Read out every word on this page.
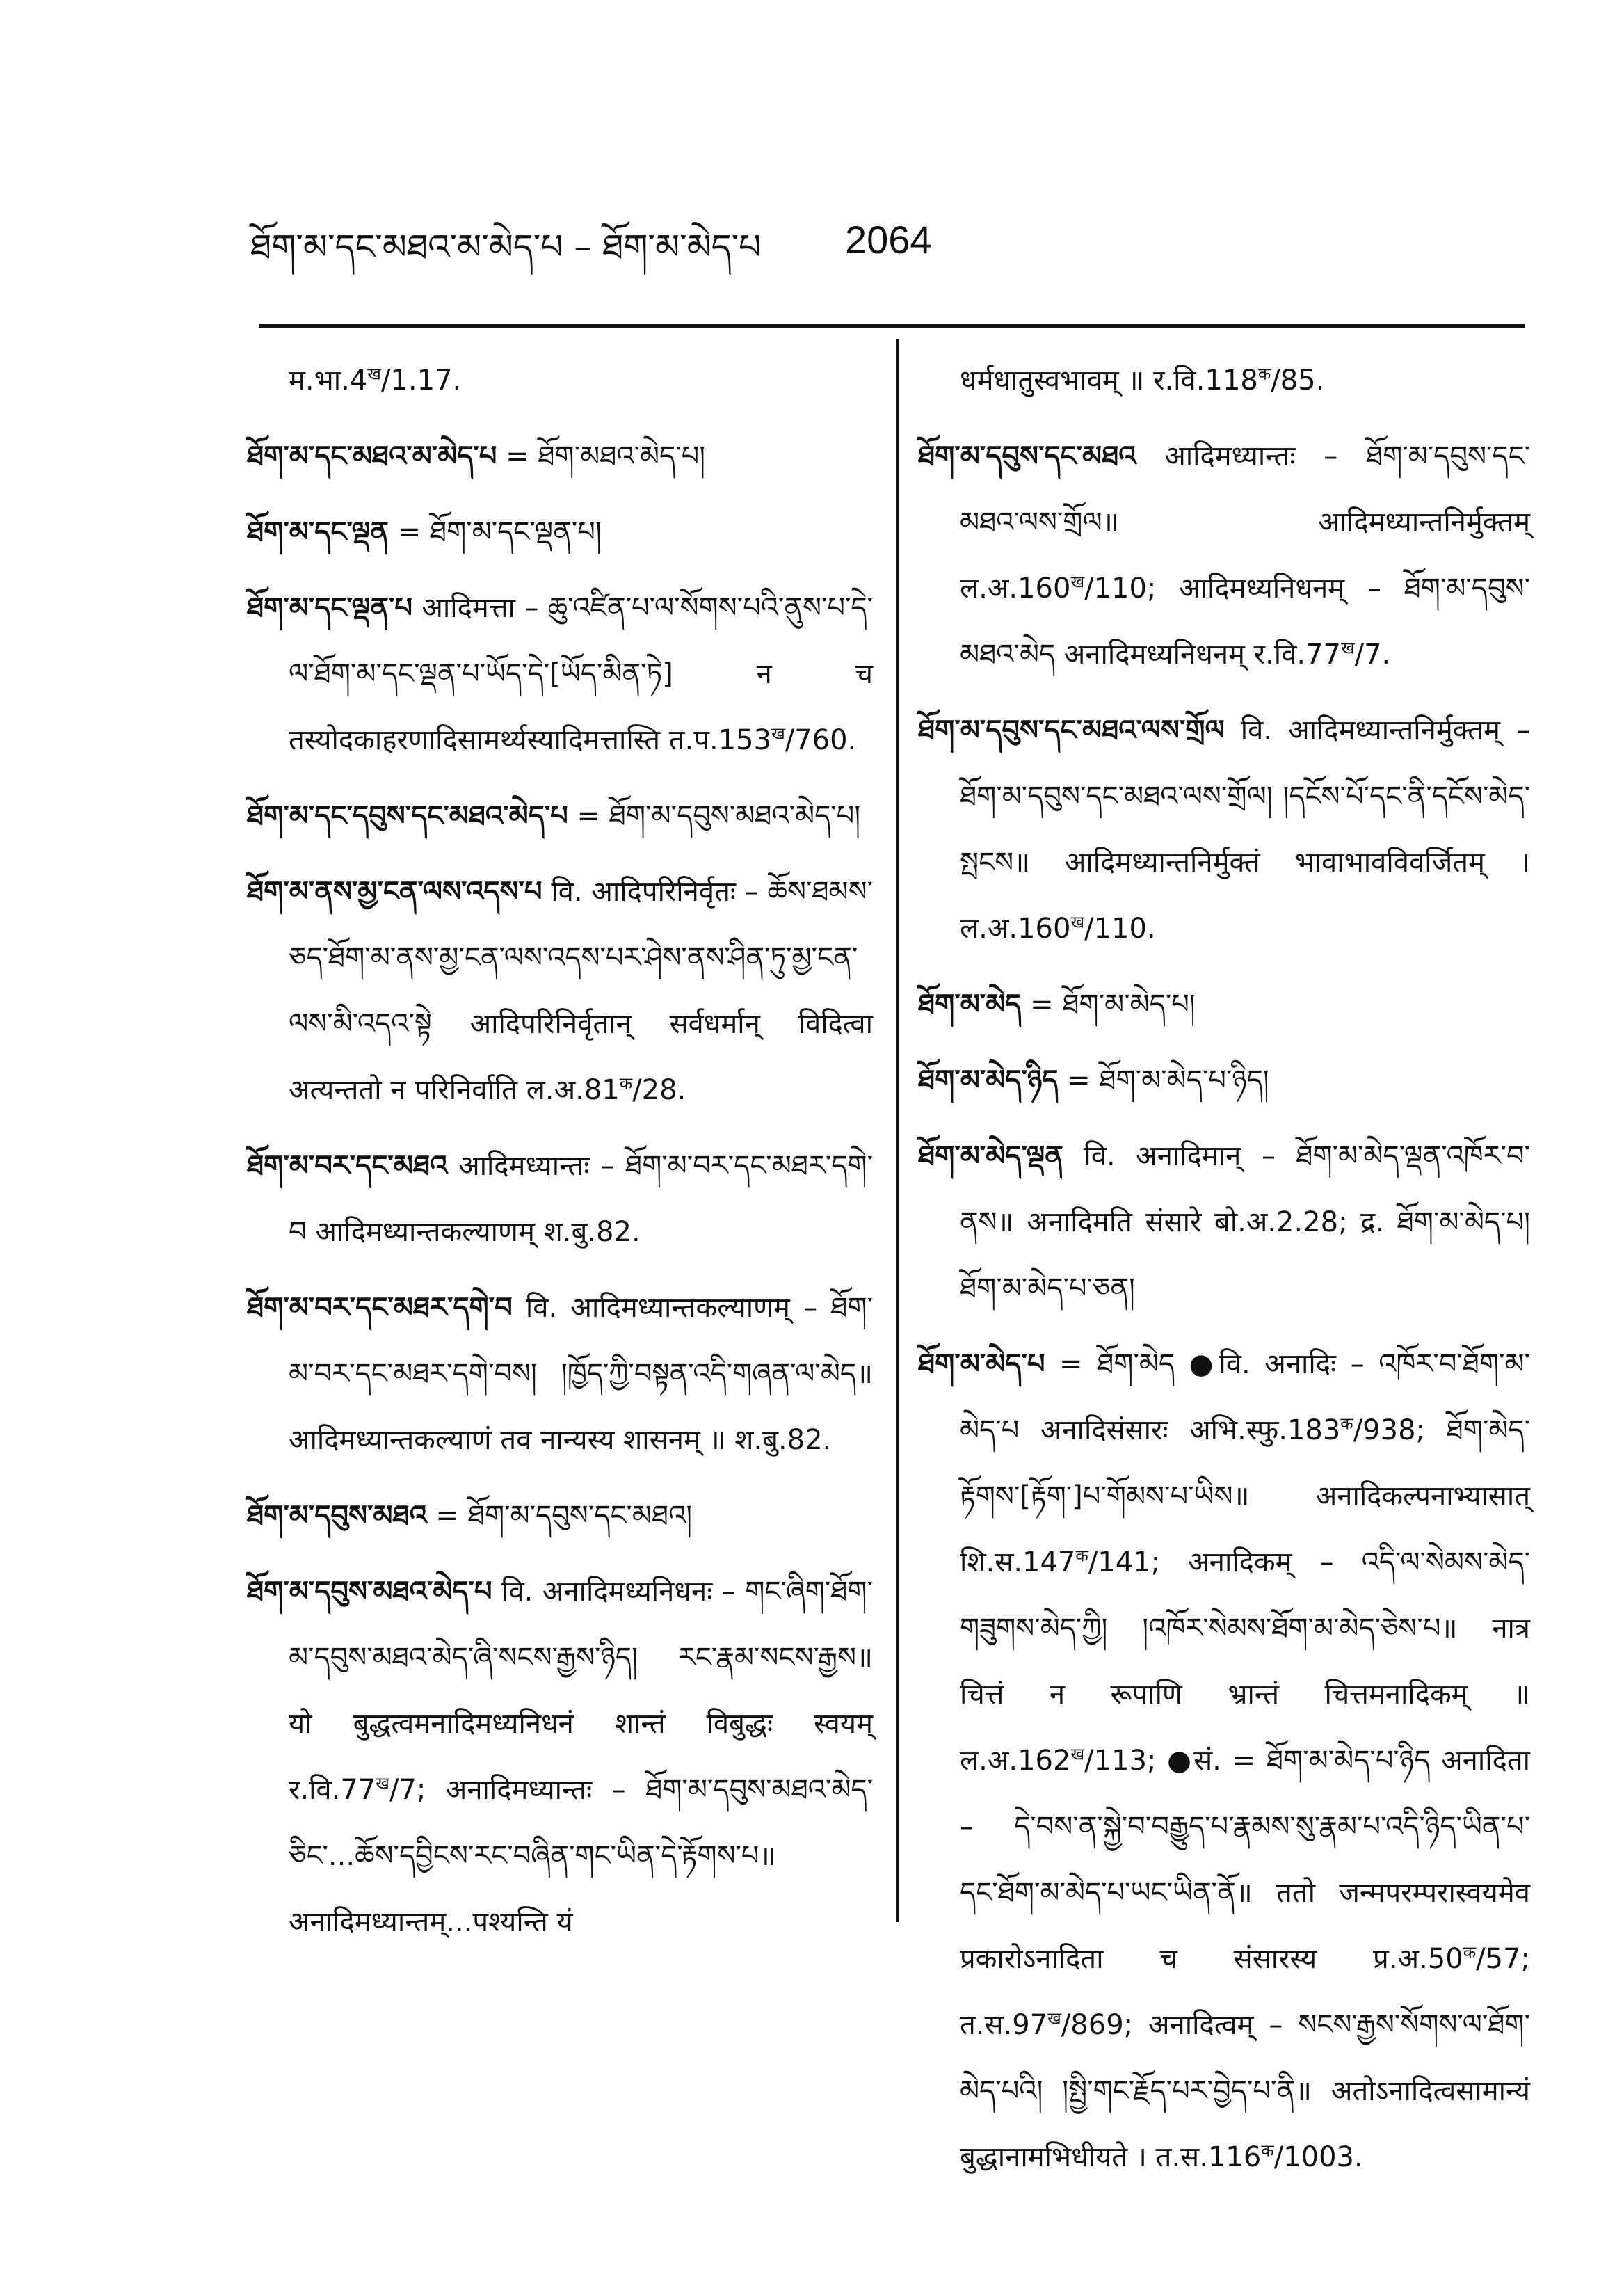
ཐོག་མ་དང་མཐའ་མ་མེད་པ – ཐོག་མ་མེད་པ 2064
$म.भा.4^ख/1.17$.
ཐོག་མ་དང་མཐའ་མ་མེད་པ = ཐོག་མཐའ་མེད་པ།
ཐོག་མ་དང་ལྡན = ཐོག་མ་དང་ལྡན་པ།
ཐོག་མ་དང་ལྡན་པ आदिमत्ता – ཆུ་འཛིན་པ་ལ་སོགས་པའི་ནུས་པ་དེ་ལ་ཐོག་མ་དང་ལྡན་པ་ཡོད་དེ་[ཡོད་མིན་ཏེ] न च तस्योदकाहरणादिसामर्थ्यस्यादिमत्तास्ति $त.प.153^ख/760$.
ཐོག་མ་དང་དབུས་དང་མཐའ་མེད་པ = ཐོག་མ་དབུས་མཐའ་མེད་པ།
ཐོག་མ་ནས་མྱ་ངན་ལས་འདས་པ वि. आदिपरिनिर्वृतः – ཆོས་ཐམས་ཅད་ཐོག་མ་ནས་མྱ་ངན་ལས་འདས་པར་ཤེས་ནས་ཤིན་ཏུ་མྱ་ངན་ལས་མི་འདའ་སྟེ आदिपरिनिर्वृतान् सर्वधर्मान् विदित्वा अत्यन्ततो न परिनिर्वाति $ल.अ.81^क/28$.
ཐོག་མ་བར་དང་མཐའ आदिमध्यान्तः – ཐོག་མ་བར་དང་མཐར་དགེ་བ आदिमध्यान्तकल्याणम् श.बु.82.
ཐོག་མ་བར་དང་མཐར་དགེ་བ वि. आदिमध्यान्तकल्याणम् – ཐོག་མ་བར་དང་མཐར་དགེ་བས། །ཁྱོད་ཀྱི་བསྟན་འདི་གཞན་ལ་མེད॥ आदिमध्यान्तकल्याणं तव नान्यस्य शासनम् ॥ श.बु.82.
ཐོག་མ་དབུས་མཐའ = ཐོག་མ་དབུས་དང་མཐའ།
ཐོག་མ་དབུས་མཐའ་མེད་པ वि. अनादिमध्यनिधनः – གང་ཞིག་ཐོག་མ་དབུས་མཐའ་མེད་ཞི་སངས་རྒྱས་ཉིད། རང་རྣམ་སངས་རྒྱས॥ यो बुद्धत्वमनादिमध्यनिधनं शान्तं विबुद्धः स्वयम् $र.वि.77^ख/7$; अनादिमध्यान्तः – ཐོག་མ་དབུས་མཐའ་མེད་ཅིང་...ཆོས་དབྱིངས་རང་བཞིན་གང་ཡིན་དེ་རྟོགས་པ॥ अनादिमध्यान्तम्...पश्यन्ति यं
धर्मधातुस्वभावम् ॥ $र.वि.118^क/85$.
ཐོག་མ་དབུས་དང་མཐའ आदिमध्यान्तः – ཐོག་མ་དབུས་དང་མཐའ་ལས་གྲོལ॥ आदिमध्यान्तनिर्मुक्तम् $ल.अ.160^ख/110$; आदिमध्यनिधनम् – ཐོག་མ་དབུས་མཐའ་མེད अनादिमध्यनिधनम् $र.वि.77^ख/7$.
ཐོག་མ་དབུས་དང་མཐའ་ལས་གྲོལ वि. आदिमध्यान्तनिर्मुक्तम् – ཐོག་མ་དབུས་དང་མཐའ་ལས་གྲོལ། །དངོས་པོ་དང་ནི་དངོས་མེད་སྤངས॥ आदिमध्यान्तनिर्मुक्तं भावाभावविवर्जितम् । $ल.अ.160^ख/110$.
ཐོག་མ་མེད = ཐོག་མ་མེད་པ།
ཐོག་མ་མེད་ཉིད = ཐོག་མ་མེད་པ་ཉིད།
ཐོག་མ་མེད་ལྡན वि. अनादिमान् – ཐོག་མ་མེད་ལྡན་འཁོར་བ་ནས॥ अनादिमति संसारे बो.अ.2.28; द्र. ཐོག་མ་མེད་པ། ཐོག་མ་མེད་པ་ཅན།
ཐོག་མ་མེད་པ = ཐོག་མེད ●वि. अनादिः – འཁོར་བ་ཐོག་མ་མེད་པ अनादिसंसारः $अभि.स्फु.183^क/938$; ཐོག་མེད་རྟོགས་[རྟོག་]པ་གོམས་པ་ཡིས॥ अनादिकल्पनाभ्यासात् $शि.स.147^क/141$; अनादिकम् – འདི་ལ་སེམས་མེད་གཟུགས་མེད་ཀྱི། །འཁོར་སེམས་ཐོག་མ་མེད་ཅེས་པ॥ नात्र चित्तं न रूपाणि भ्रान्तं चित्तमनादिकम् ॥ $ल.अ.162^ख/113$; ●सं. = ཐོག་མ་མེད་པ་ཉིད अनादिता – དེ་བས་ན་སྐྱེ་བ་བརྒྱུད་པ་རྣམས་སུ་རྣམ་པ་འདི་ཉིད་ཡིན་པ་དང་ཐོག་མ་མེད་པ་ཡང་ཡིན་ནོ॥ ततो जन्मपरम्परास्वयमेव प्रकारोऽनादिता च संसारस्य $प्र.अ.50^क/57$; $त.स.97^ख/869$; अनादित्वम् – སངས་རྒྱས་སོགས་ལ་ཐོག་མེད་པའི། །སྤྱི་གང་རྗོད་པར་བྱེད་པ་ནི॥ अतोऽनादित्वसामान्यं बुद्धानामभिधीयते । $त.स.116^क/1003$.
